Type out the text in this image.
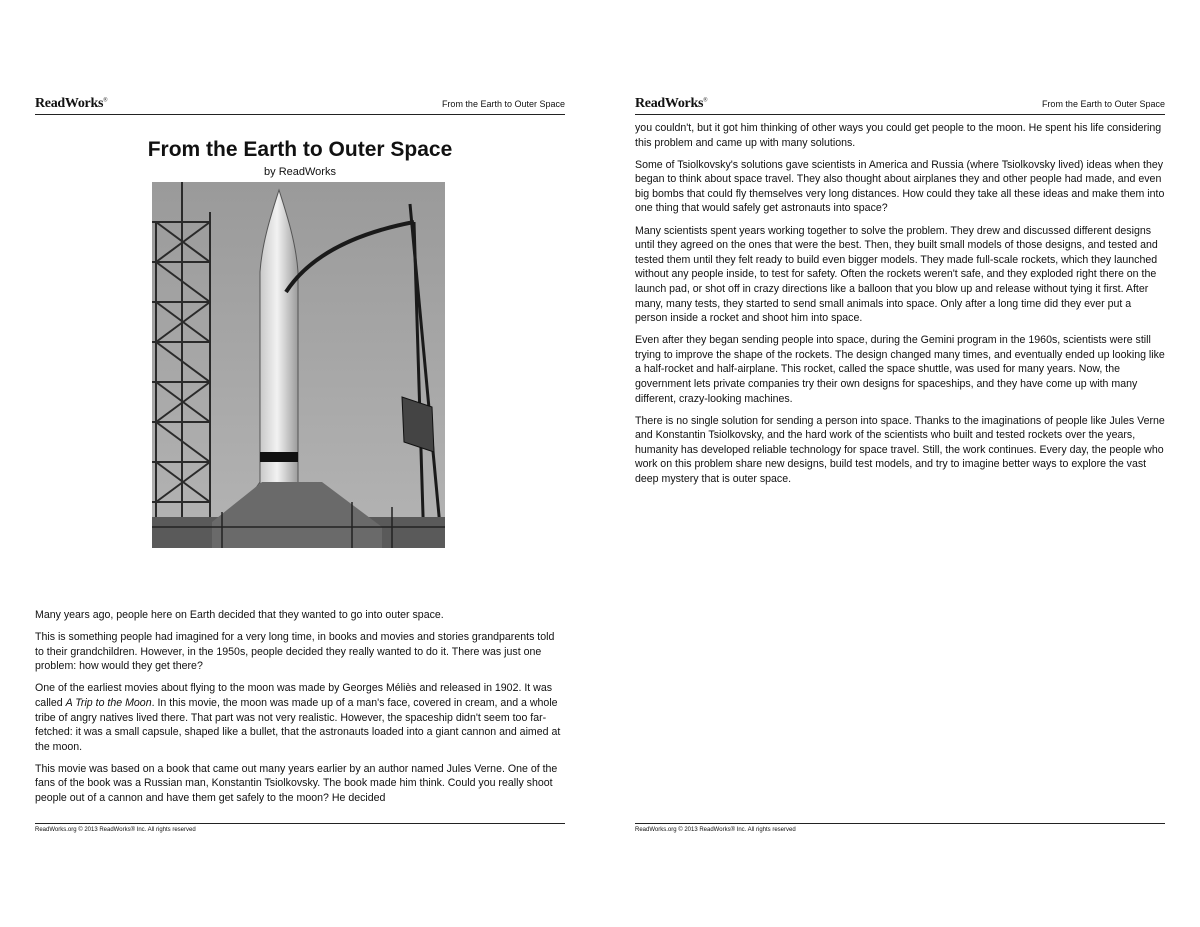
ReadWorks®	From the Earth to Outer Space
From the Earth to Outer Space
by ReadWorks

Many years ago, people here on Earth decided that they wanted to go into outer space.

This is something people had imagined for a very long time, in books and movies and stories grandparents told to their grandchildren. However, in the 1950s, people decided they really wanted to do it. There was just one problem: how would they get there?

One of the earliest movies about flying to the moon was made by Georges Méliès and released in 1902. It was called A Trip to the Moon. In this movie, the moon was made up of a man's face, covered in cream, and a whole tribe of angry natives lived there. That part was not very realistic. However, the spaceship didn't seem too far-fetched: it was a small capsule, shaped like a bullet, that the astronauts loaded into a giant cannon and aimed at the moon.

This movie was based on a book that came out many years earlier by an author named Jules Verne. One of the fans of the book was a Russian man, Konstantin Tsiolkovsky. The book made him think. Could you really shoot people out of a cannon and have them get safely to the moon? He decided

ReadWorks.org © 2013 ReadWorks® Inc. All rights reserved
ReadWorks®	From the Earth to Outer Space

you couldn't, but it got him thinking of other ways you could get people to the moon. He spent his life considering this problem and came up with many solutions.

Some of Tsiolkovsky's solutions gave scientists in America and Russia (where Tsiolkovsky lived) ideas when they began to think about space travel. They also thought about airplanes they and other people had made, and even big bombs that could fly themselves very long distances. How could they take all these ideas and make them into one thing that would safely get astronauts into space?

Many scientists spent years working together to solve the problem. They drew and discussed different designs until they agreed on the ones that were the best. Then, they built small models of those designs, and tested and tested them until they felt ready to build even bigger models. They made full-scale rockets, which they launched without any people inside, to test for safety. Often the rockets weren't safe, and they exploded right there on the launch pad, or shot off in crazy directions like a balloon that you blow up and release without tying it first. After many, many tests, they started to send small animals into space. Only after a long time did they ever put a person inside a rocket and shoot him into space.

Even after they began sending people into space, during the Gemini program in the 1960s, scientists were still trying to improve the shape of the rockets. The design changed many times, and eventually ended up looking like a half-rocket and half-airplane. This rocket, called the space shuttle, was used for many years. Now, the government lets private companies try their own designs for spaceships, and they have come up with many different, crazy-looking machines.

There is no single solution for sending a person into space. Thanks to the imaginations of people like Jules Verne and Konstantin Tsiolkovsky, and the hard work of the scientists who built and tested rockets over the years, humanity has developed reliable technology for space travel. Still, the work continues. Every day, the people who work on this problem share new designs, build test models, and try to imagine better ways to explore the vast deep mystery that is outer space.

ReadWorks.org © 2013 ReadWorks® Inc. All rights reserved
